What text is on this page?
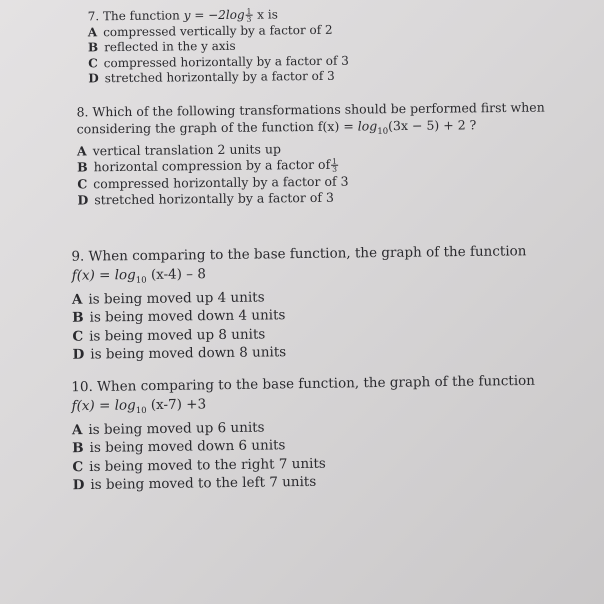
7. The function $y = -2\log \frac{1}{3}$ x is
A compressed vertically by a factor of 2
B reflected in the y axis
C compressed horizontally by a factor of 3
D stretched horizontally by a factor of 3
8. Which of the following transformations should be performed first when
considering the graph of the function $f(x) = \log_{10}(3x - 5) + 2$ ?
A vertical translation 2 units up
B horizontal compression by a factor of $\frac{1}{3}$
C compressed horizontally by a factor of 3
D stretched horizontally by a factor of 3
9. When comparing to the base function, the graph of the function
$f(x) = \log_{10} (x-4) - 8$
A is being moved up 4 units
B is being moved down 4 units
C is being moved up 8 units
D is being moved down 8 units
10. When comparing to the base function, the graph of the function
$f(x) = \log_{10} (x-7) +3$
A is being moved up 6 units
B is being moved down 6 units
C is being moved to the right 7 units
D is being moved to the left 7 units
